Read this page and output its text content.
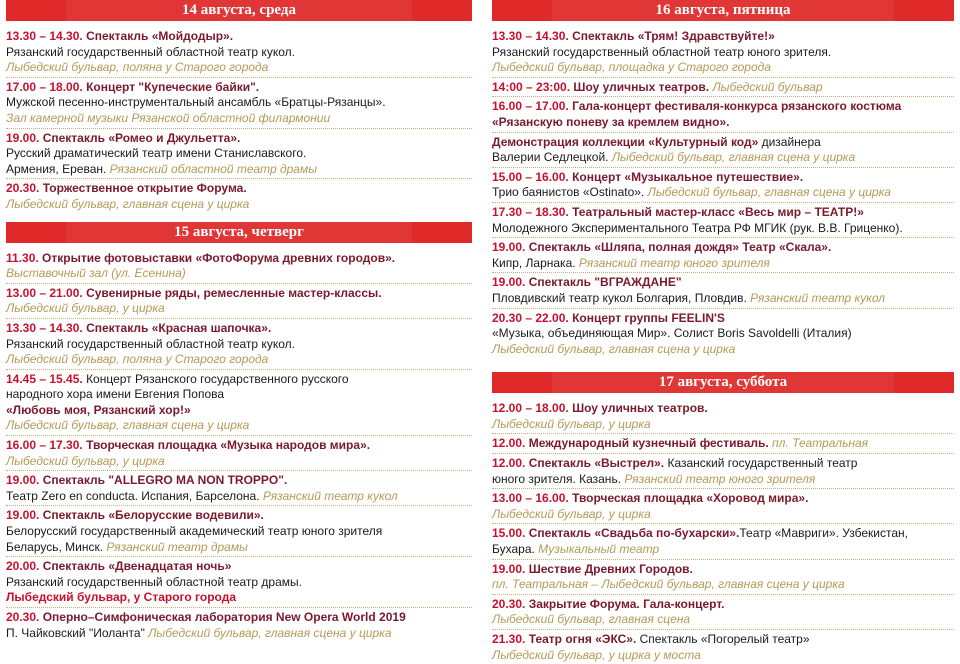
14 августа, среда
13.30 – 14.30. Спектакль «Мойдодыр».
Рязанский государственный областной театр кукол.
Лыбедский бульвар, поляна у Старого города
17.00 – 18.00. Концерт "Купеческие байки".
Мужской песенно-инструментальный ансамбль «Братцы-Рязанцы».
Зал камерной музыки Рязанской областной филармонии
19.00. Спектакль «Ромео и Джульетта».
Русский драматический театр имени Станиславского.
Армения, Ереван. Рязанский областной театр драмы
20.30. Торжественное открытие Форума.
Лыбедский бульвар, главная сцена у цирка
15 августа, четверг
11.30. Открытие фотовыставки «ФотоФорума древних городов».
Выставочный зал (ул. Есенина)
13.00 – 21.00. Сувенирные ряды, ремесленные мастер-классы.
Лыбедский бульвар, у цирка
13.30 – 14.30. Спектакль «Красная шапочка».
Рязанский государственный областной театр кукол.
Лыбедский бульвар, поляна у Старого города
14.45 – 15.45. Концерт Рязанского государственного русского
народного хора имени Евгения Попова
«Любовь моя, Рязанский хор!»
Лыбедский бульвар, главная сцена у цирка
16.00 – 17.30. Творческая площадка «Музыка народов мира».
Лыбедский бульвар, у цирка
19.00. Спектакль "ALLEGRO MA NON TROPPO".
Театр Zero en conducta. Испания, Барселона. Рязанский театр кукол
19.00. Спектакль «Белорусские водевили».
Белорусский государственный академический театр юного зрителя
Беларусь, Минск. Рязанский театр драмы
20.00. Спектакль «Двенадцатая ночь»
Рязанский государственный областной театр драмы.
Лыбедский бульвар, у Старого города
20.30. Оперно–Симфоническая лаборатория New Opera World 2019
П. Чайковский "Иоланта" Лыбедский бульвар, главная сцена у цирка
16 августа, пятница
13.30 – 14.30. Спектакль «Трям! Здравствуйте!»
Рязанский государственный областной театр юного зрителя.
Лыбедский бульвар, площадка у Старого города
14:00 – 23:00. Шоу уличных театров. Лыбедский бульвар
16.00 – 17.00. Гала-концерт фестиваля-конкурса рязанского костюма
«Рязанскую поневу за кремлем видно».
Демонстрация коллекции «Культурный код» дизайнера
Валерии Седлецкой. Лыбедский бульвар, главная сцена у цирка
15.00 – 16.00. Концерт «Музыкальное путешествие».
Трио баянистов «Ostinato». Лыбедский бульвар, главная сцена у цирка
17.30 – 18.30. Театральный мастер-класс «Весь мир – ТЕАТР!»
Молодежного Экспериментального Театра РФ МГИК (рук. В.В. Гриценко).
19.00. Спектакль «Шляпа, полная дождя» Театр «Скала».
Кипр, Ларнака. Рязанский театр юного зрителя
19.00. Спектакль "ВГРАЖДАНЕ"
Пловдивский театр кукол Болгария, Пловдив. Рязанский театр кукол
20.30 – 22.00. Концерт группы FEELIN'S
«Музыка, объединяющая Мир». Солист Boris Savoldelli (Италия)
Лыбедский бульвар, главная сцена у цирка
17 августа, суббота
12.00 – 18.00. Шоу уличных театров.
Лыбедский бульвар, у цирка
12.00. Международный кузнечный фестиваль. пл. Театральная
12.00. Спектакль «Выстрел». Казанский государственный театр
юного зрителя. Казань. Рязанский театр юного зрителя
13.00 – 16.00. Творческая площадка «Хоровод мира».
Лыбедский бульвар, у цирка
15.00. Спектакль «Свадьба по-бухарски».Театр «Мавриги». Узбекистан,
Бухара. Музыкальный театр
19.00. Шествие Древних Городов.
пл. Театральная – Лыбедский бульвар, главная сцена у цирка
20.30. Закрытие Форума. Гала-концерт.
Лыбедский бульвар, главная сцена
21.30. Театр огня «ЭКС». Спектакль «Погорелый театр»
Лыбедский бульвар, у цирка у моста
